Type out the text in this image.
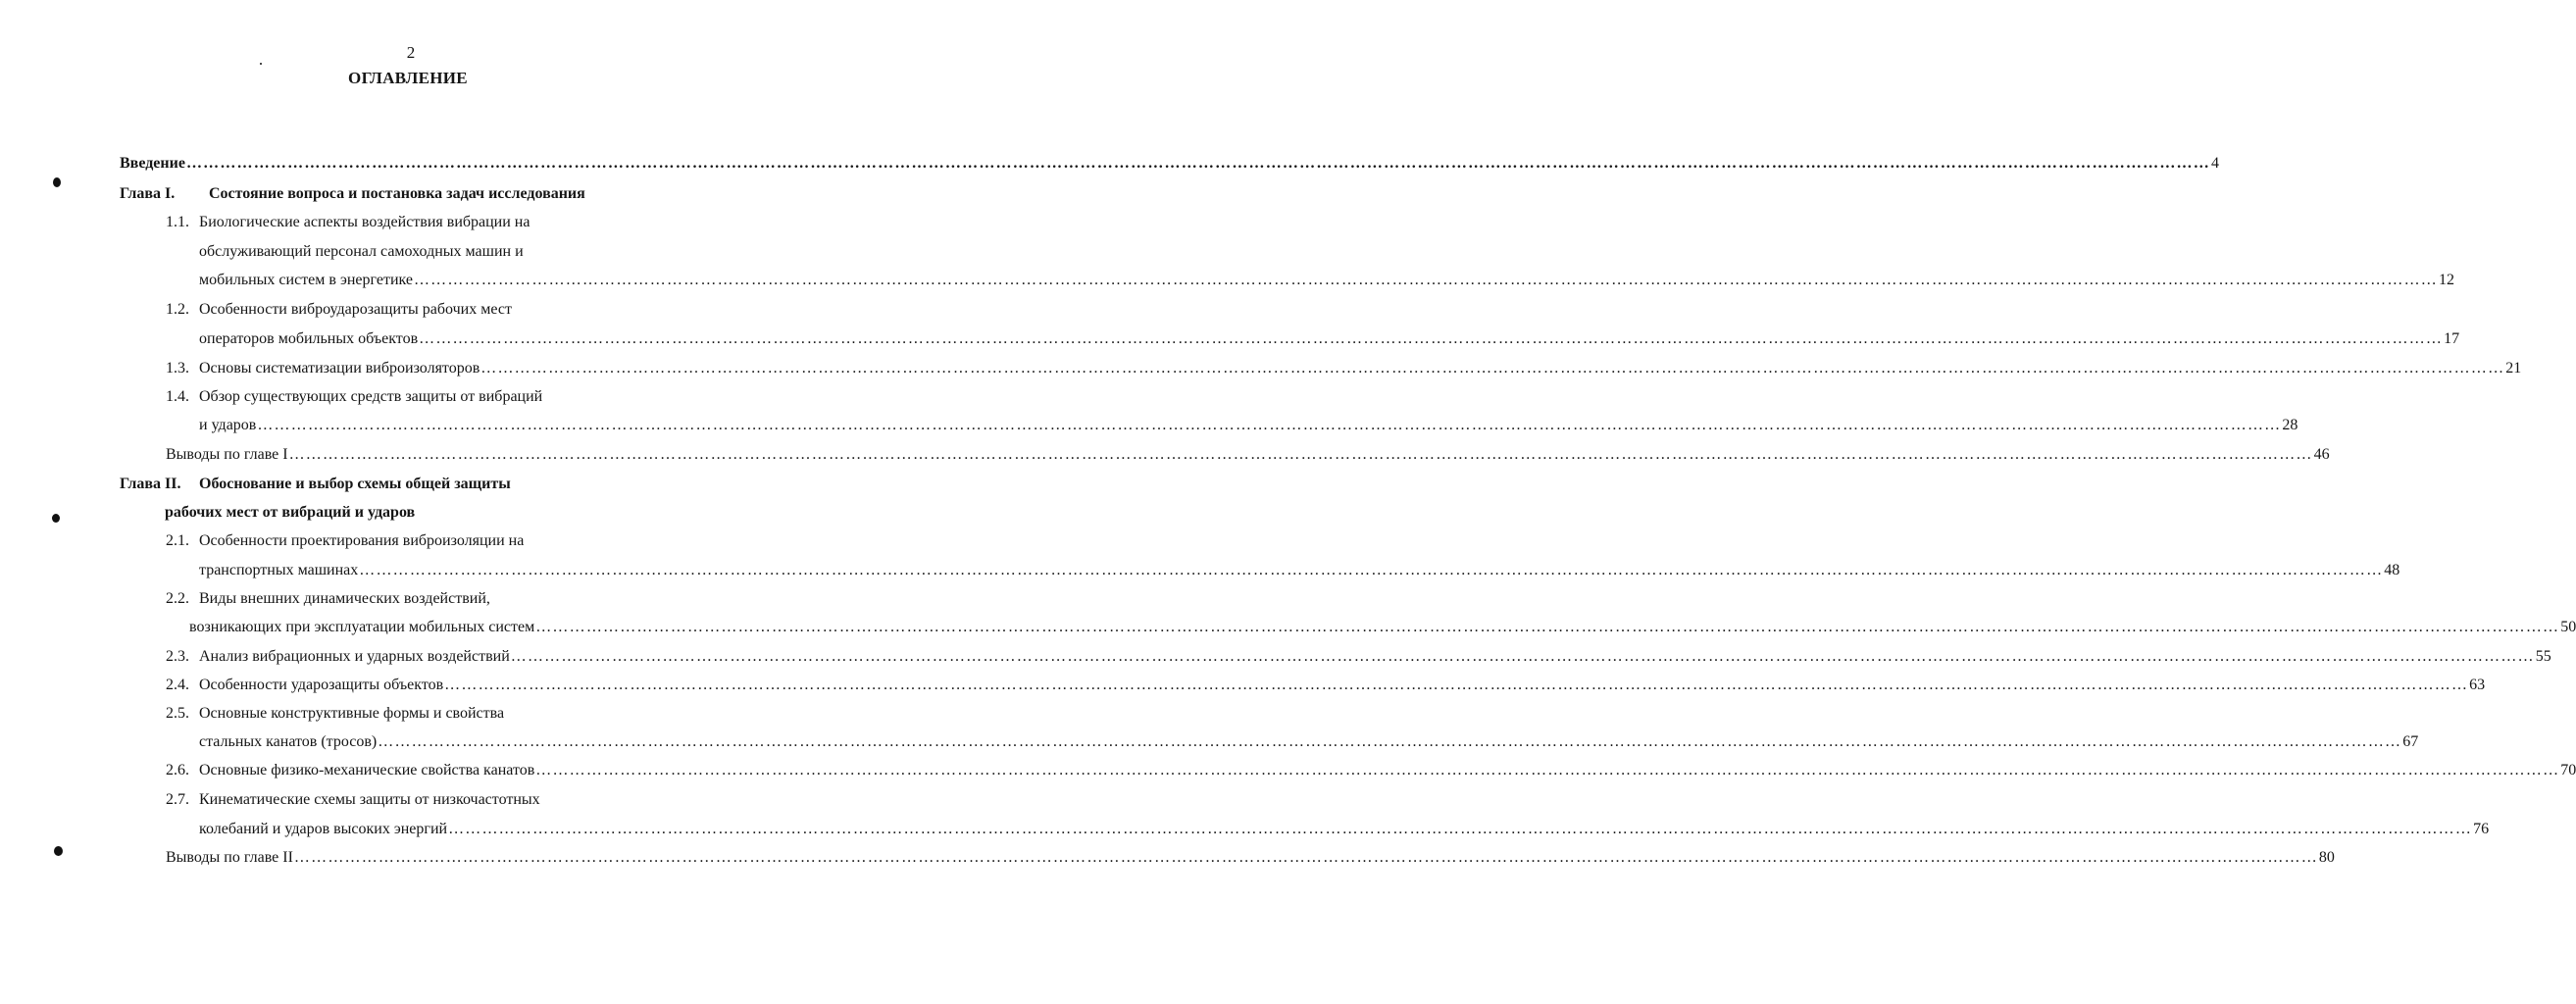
2
ОГЛАВЛЕНИЕ
Введение ……………………………………………………………………………………………………………………………………………………………………………………………………………………………………………………………………………………………………………………………… 4
Глава I. Состояние вопроса и постановка задач исследования
1.1. Биологические аспекты воздействия вибрации на
обслуживающий персонал самоходных машин и
мобильных систем в энергетике ……………………………………………………………………………………………………………………………………………………………………………………………………………………………………………………………………………………………………………………………… 12
1.2. Особенности виброударозащиты рабочих мест
операторов мобильных объектов ……………………………………………………………………………………………………………………………………………………………………………………………………………………………………………………………………………………………………………………………… 17
1.3. Основы систематизации виброизоляторов ……………………………………………………………………………………………………………………………………………………………………………………………………………………………………………………………………………………………………………………………… 21
1.4. Обзор существующих средств защиты от вибраций
и ударов ……………………………………………………………………………………………………………………………………………………………………………………………………………………………………………………………………………………………………………………………… 28
Выводы по главе I ……………………………………………………………………………………………………………………………………………………………………………………………………………………………………………………………………………………………………………………………… 46
Глава II. Обоснование и выбор схемы общей защиты
рабочих мест от вибраций и ударов
2.1. Особенности проектирования виброизоляции на
транспортных машинах ……………………………………………………………………………………………………………………………………………………………………………………………………………………………………………………………………………………………………………………………… 48
2.2. Виды внешних динамических воздействий,
возникающих при эксплуатации мобильных систем ……………………………………………………………………………………………………………………………………………………………………………………………………………………………………………………………………………………………………………………………… 50
2.3. Анализ вибрационных и ударных воздействий ……………………………………………………………………………………………………………………………………………………………………………………………………………………………………………………………………………………………………………………………… 55
2.4. Особенности ударозащиты объектов ……………………………………………………………………………………………………………………………………………………………………………………………………………………………………………………………………………………………………………………………… 63
2.5. Основные конструктивные формы и свойства
стальных канатов (тросов) ……………………………………………………………………………………………………………………………………………………………………………………………………………………………………………………………………………………………………………………………… 67
2.6. Основные физико-механические свойства канатов ……………………………………………………………………………………………………………………………………………………………………………………………………………………………………………………………………………………………………………………………… 70
2.7. Кинематические схемы защиты от низкочастотных
колебаний и ударов высоких энергий ……………………………………………………………………………………………………………………………………………………………………………………………………………………………………………………………………………………………………………………………… 76
Выводы по главе II ……………………………………………………………………………………………………………………………………………………………………………………………………………………………………………………………………………………………………………………………… 80
